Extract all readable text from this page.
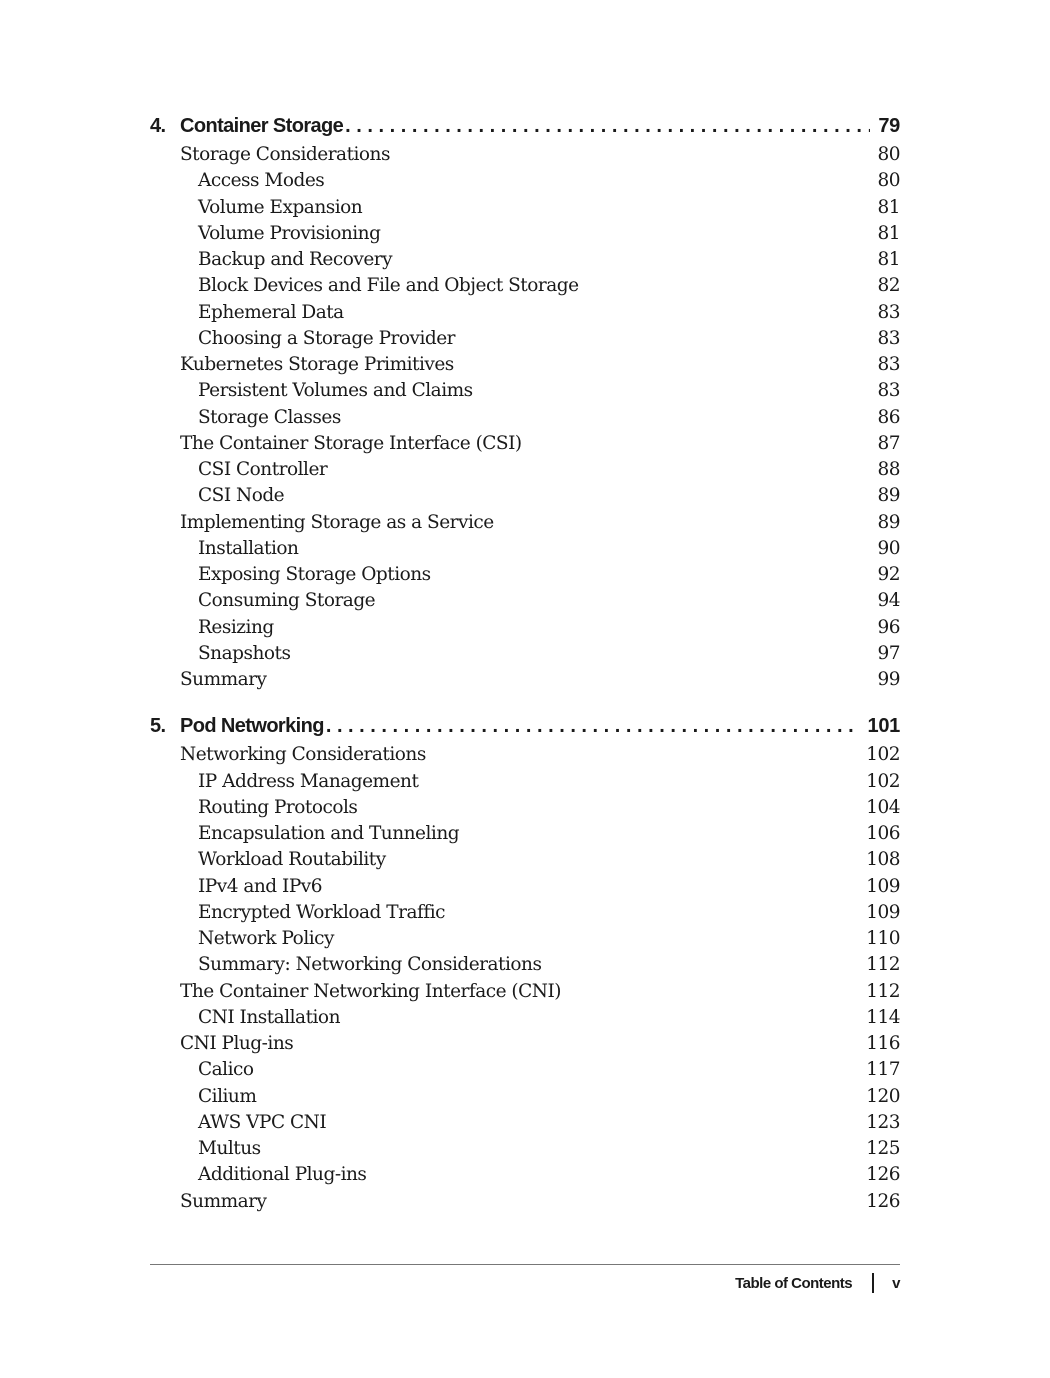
4. Container Storage . . .	79
Storage Considerations	80
Access Modes	80
Volume Expansion	81
Volume Provisioning	81
Backup and Recovery	81
Block Devices and File and Object Storage	82
Ephemeral Data	83
Choosing a Storage Provider	83
Kubernetes Storage Primitives	83
Persistent Volumes and Claims	83
Storage Classes	86
The Container Storage Interface (CSI)	87
CSI Controller	88
CSI Node	89
Implementing Storage as a Service	89
Installation	90
Exposing Storage Options	92
Consuming Storage	94
Resizing	96
Snapshots	97
Summary	99
5. Pod Networking . . .	101
Networking Considerations	102
IP Address Management	102
Routing Protocols	104
Encapsulation and Tunneling	106
Workload Routability	108
IPv4 and IPv6	109
Encrypted Workload Traffic	109
Network Policy	110
Summary: Networking Considerations	112
The Container Networking Interface (CNI)	112
CNI Installation	114
CNI Plug-ins	116
Calico	117
Cilium	120
AWS VPC CNI	123
Multus	125
Additional Plug-ins	126
Summary	126
Table of Contents	v
